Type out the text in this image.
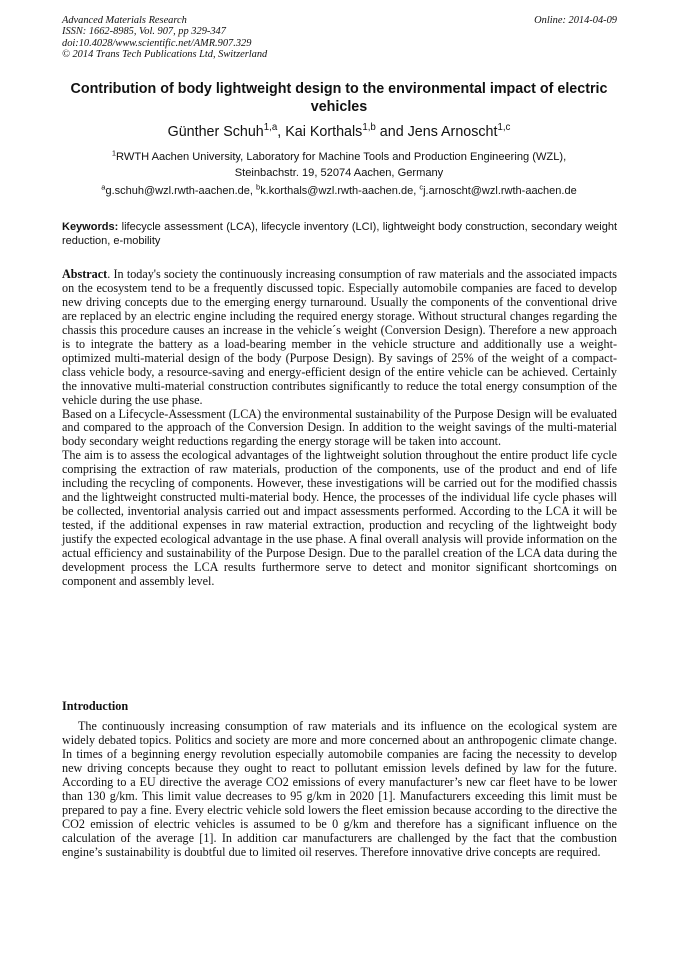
Advanced Materials Research
ISSN: 1662-8985, Vol. 907, pp 329-347
doi:10.4028/www.scientific.net/AMR.907.329
© 2014 Trans Tech Publications Ltd, Switzerland
Online: 2014-04-09
Contribution of body lightweight design to the environmental impact of electric vehicles
Günther Schuh$^{1,a}$, Kai Korthals$^{1,b}$ and Jens Arnoscht$^{1,c}$
$^1$RWTH Aachen University, Laboratory for Machine Tools and Production Engineering (WZL),
Steinbachstr. 19, 52074 Aachen, Germany
$^a$g.schuh@wzl.rwth-aachen.de, $^b$k.korthals@wzl.rwth-aachen.de, $^c$j.arnoscht@wzl.rwth-aachen.de
Keywords: lifecycle assessment (LCA), lifecycle inventory (LCI), lightweight body construction, secondary weight reduction, e-mobility

Abstract. In today's society the continuously increasing consumption of raw materials and the associated impacts on the ecosystem tend to be a frequently discussed topic. Especially automobile companies are faced to develop new driving concepts due to the emerging energy turnaround. Usually the components of the conventional drive are replaced by an electric engine including the required energy storage. Without structural changes regarding the chassis this procedure causes an increase in the vehicle´s weight (Conversion Design). Therefore a new approach is to integrate the battery as a load-bearing member in the vehicle structure and additionally use a weight-optimized multi-material design of the body (Purpose Design). By savings of 25% of the weight of a compact-class vehicle body, a resource-saving and energy-efficient design of the entire vehicle can be achieved. Certainly the innovative multi-material construction contributes significantly to reduce the total energy consumption of the vehicle during the use phase.

Based on a Lifecycle-Assessment (LCA) the environmental sustainability of the Purpose Design will be evaluated and compared to the approach of the Conversion Design. In addition to the weight savings of the multi-material body secondary weight reductions regarding the energy storage will be taken into account.

The aim is to assess the ecological advantages of the lightweight solution throughout the entire product life cycle comprising the extraction of raw materials, production of the components, use of the product and end of life including the recycling of components. However, these investigations will be carried out for the modified chassis and the lightweight constructed multi-material body. Hence, the processes of the individual life cycle phases will be collected, inventorial analysis carried out and impact assessments performed. According to the LCA it will be tested, if the additional expenses in raw material extraction, production and recycling of the lightweight body justify the expected ecological advantage in the use phase. A final overall analysis will provide information on the actual efficiency and sustainability of the Purpose Design. Due to the parallel creation of the LCA data during the development process the LCA results furthermore serve to detect and monitor significant shortcomings on component and assembly level.

Introduction

The continuously increasing consumption of raw materials and its influence on the ecological system are widely debated topics. Politics and society are more and more concerned about an anthropogenic climate change. In times of a beginning energy revolution especially automobile companies are facing the necessity to develop new driving concepts because they ought to react to pollutant emission levels defined by law for the future. According to a EU directive the average CO2 emissions of every manufacturer’s new car fleet have to be lower than 130 g/km. This limit value decreases to 95 g/km in 2020 [1]. Manufacturers exceeding this limit must be prepared to pay a fine. Every electric vehicle sold lowers the fleet emission because according to the directive the CO2 emission of electric vehicles is assumed to be 0 g/km and therefore has a significant influence on the calculation of the average [1]. In addition car manufacturers are challenged by the fact that the combustion engine’s sustainability is doubtful due to limited oil reserves. Therefore innovative drive concepts are required.
